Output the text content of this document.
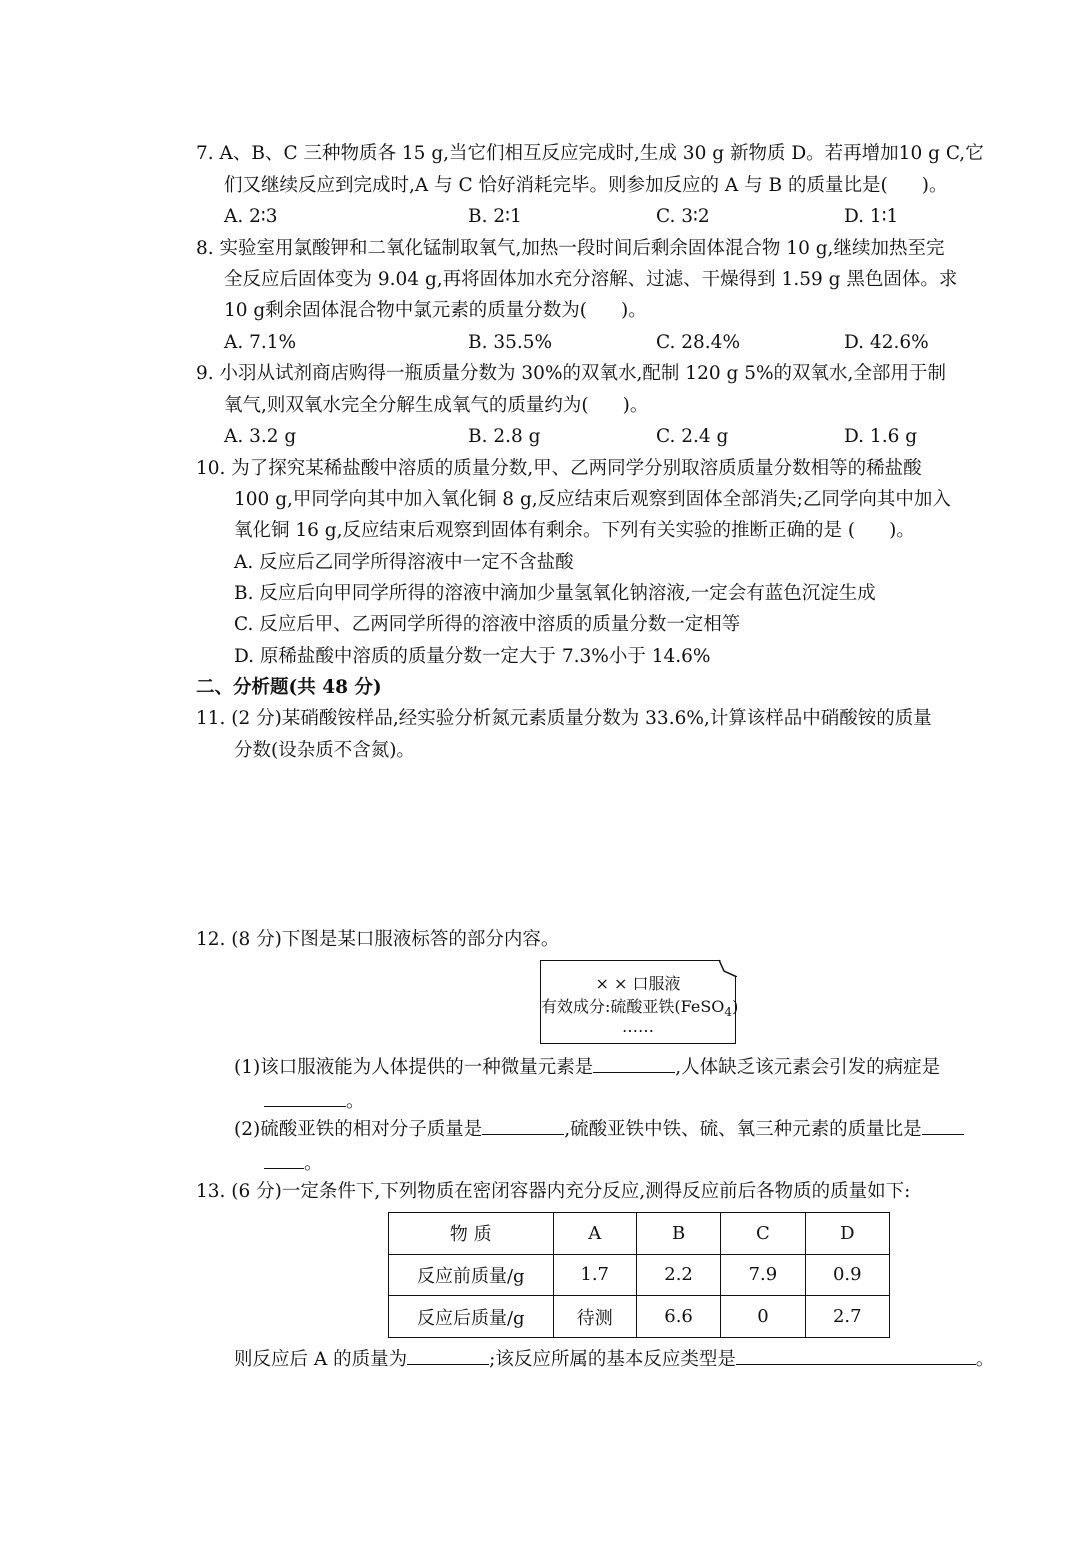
7. A、B、C 三种物质各 15 g,当它们相互反应完成时,生成 30 g 新物质 D。若再增加10 g C,它
们又继续反应到完成时,A 与 C 恰好消耗完毕。则参加反应的 A 与 B 的质量比是( )。
A. 2∶3	B. 2∶1	C. 3∶2	D. 1∶1
8. 实验室用氯酸钾和二氧化锰制取氧气,加热一段时间后剩余固体混合物 10 g,继续加热至完
全反应后固体变为 9.04 g,再将固体加水充分溶解、过滤、干燥得到 1.59 g 黑色固体。求
10 g剩余固体混合物中氯元素的质量分数为( )。
A. 7.1%	B. 35.5%	C. 28.4%	D. 42.6%
9. 小羽从试剂商店购得一瓶质量分数为 30%的双氧水,配制 120 g 5%的双氧水,全部用于制
氧气,则双氧水完全分解生成氧气的质量约为( )。
A. 3.2 g	B. 2.8 g	C. 2.4 g	D. 1.6 g
10. 为了探究某稀盐酸中溶质的质量分数,甲、乙两同学分别取溶质质量分数相等的稀盐酸
100 g,甲同学向其中加入氧化铜 8 g,反应结束后观察到固体全部消失;乙同学向其中加入
氧化铜 16 g,反应结束后观察到固体有剩余。下列有关实验的推断正确的是 ( )。
A. 反应后乙同学所得溶液中一定不含盐酸
B. 反应后向甲同学所得的溶液中滴加少量氢氧化钠溶液,一定会有蓝色沉淀生成
C. 反应后甲、乙两同学所得的溶液中溶质的质量分数一定相等
D. 原稀盐酸中溶质的质量分数一定大于 7.3%小于 14.6%
二、分析题(共 48 分)
11. (2 分)某硝酸铵样品,经实验分析氮元素质量分数为 33.6%,计算该样品中硝酸铵的质量
分数(设杂质不含氮)。
12. (8 分)下图是某口服液标答的部分内容。
× × 口服液
有效成分:硫酸亚铁(FeSO$_4$)
……
(1)该口服液能为人体提供的一种微量元素是	,人体缺乏该元素会引发的病症是
。
(2)硫酸亚铁的相对分子质量是	,硫酸亚铁中铁、硫、氧三种元素的质量比是
。
13. (6 分)一定条件下,下列物质在密闭容器内充分反应,测得反应前后各物质的质量如下:
物 质	A	B	C	D
反应前质量/g	1.7	2.2	7.9	0.9
反应后质量/g	待测	6.6	0	2.7
则反应后 A 的质量为	;该反应所属的基本反应类型是	。
